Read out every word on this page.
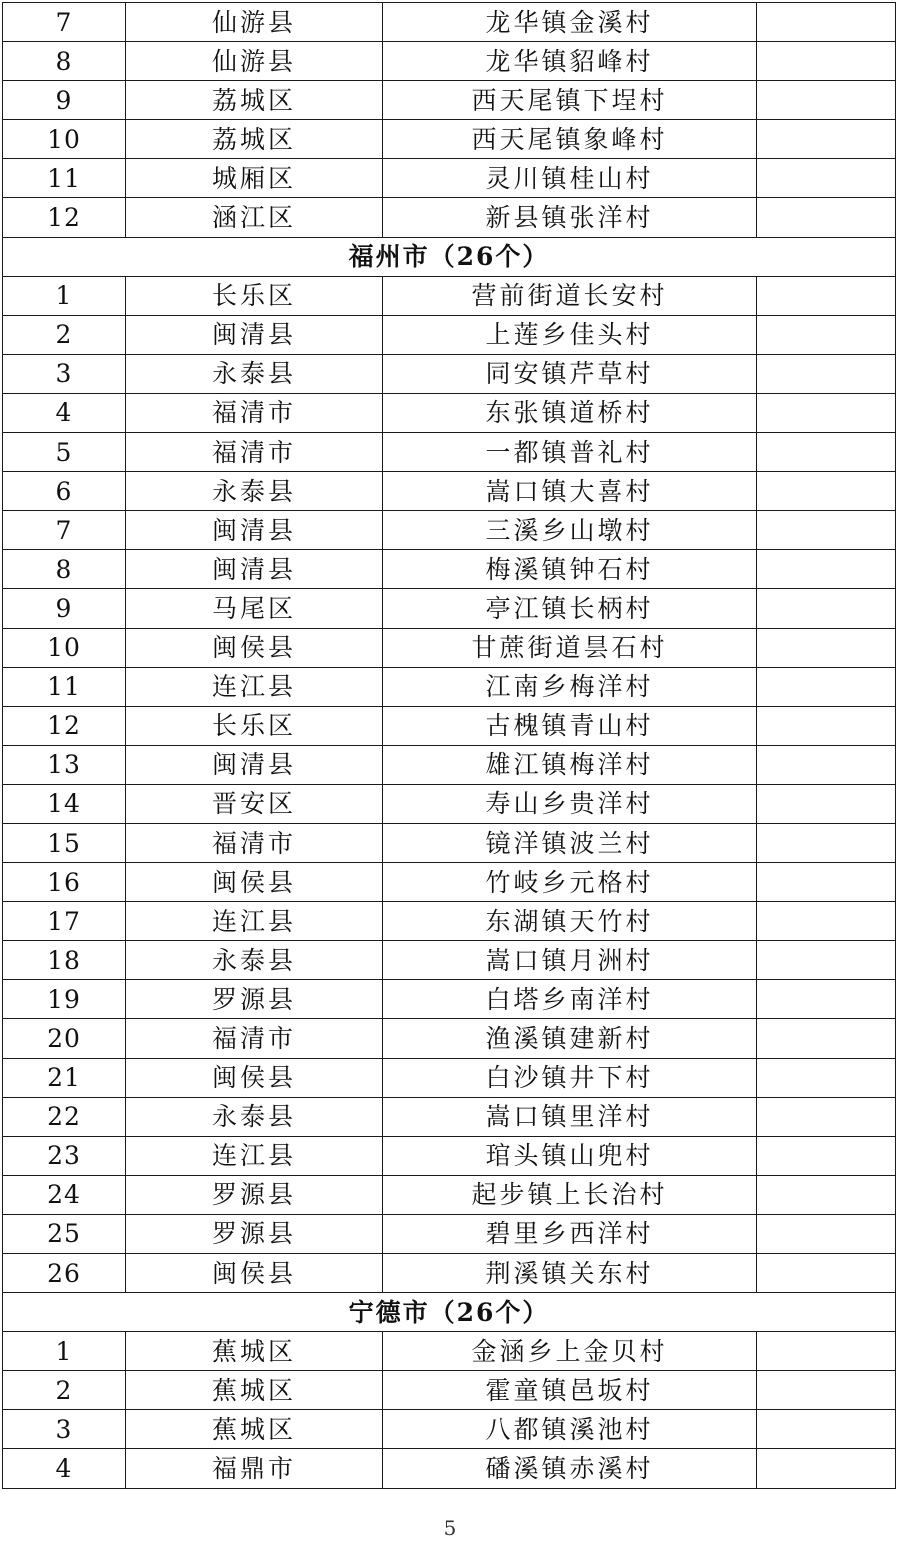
7	仙游县	龙华镇金溪村	
8	仙游县	龙华镇貂峰村	
9	荔城区	西天尾镇下埕村	
10	荔城区	西天尾镇象峰村	
11	城厢区	灵川镇桂山村	
12	涵江区	新县镇张洋村	
福州市（26个）			
1	长乐区	营前街道长安村	
2	闽清县	上莲乡佳头村	
3	永泰县	同安镇芹草村	
4	福清市	东张镇道桥村	
5	福清市	一都镇普礼村	
6	永泰县	嵩口镇大喜村	
7	闽清县	三溪乡山墩村	
8	闽清县	梅溪镇钟石村	
9	马尾区	亭江镇长柄村	
10	闽侯县	甘蔗街道昙石村	
11	连江县	江南乡梅洋村	
12	长乐区	古槐镇青山村	
13	闽清县	雄江镇梅洋村	
14	晋安区	寿山乡贵洋村	
15	福清市	镜洋镇波兰村	
16	闽侯县	竹岐乡元格村	
17	连江县	东湖镇天竹村	
18	永泰县	嵩口镇月洲村	
19	罗源县	白塔乡南洋村	
20	福清市	渔溪镇建新村	
21	闽侯县	白沙镇井下村	
22	永泰县	嵩口镇里洋村	
23	连江县	琯头镇山兜村	
24	罗源县	起步镇上长治村	
25	罗源县	碧里乡西洋村	
26	闽侯县	荆溪镇关东村	
宁德市（26个）			
1	蕉城区	金涵乡上金贝村	
2	蕉城区	霍童镇邑坂村	
3	蕉城区	八都镇溪池村	
4	福鼎市	磻溪镇赤溪村	
5
